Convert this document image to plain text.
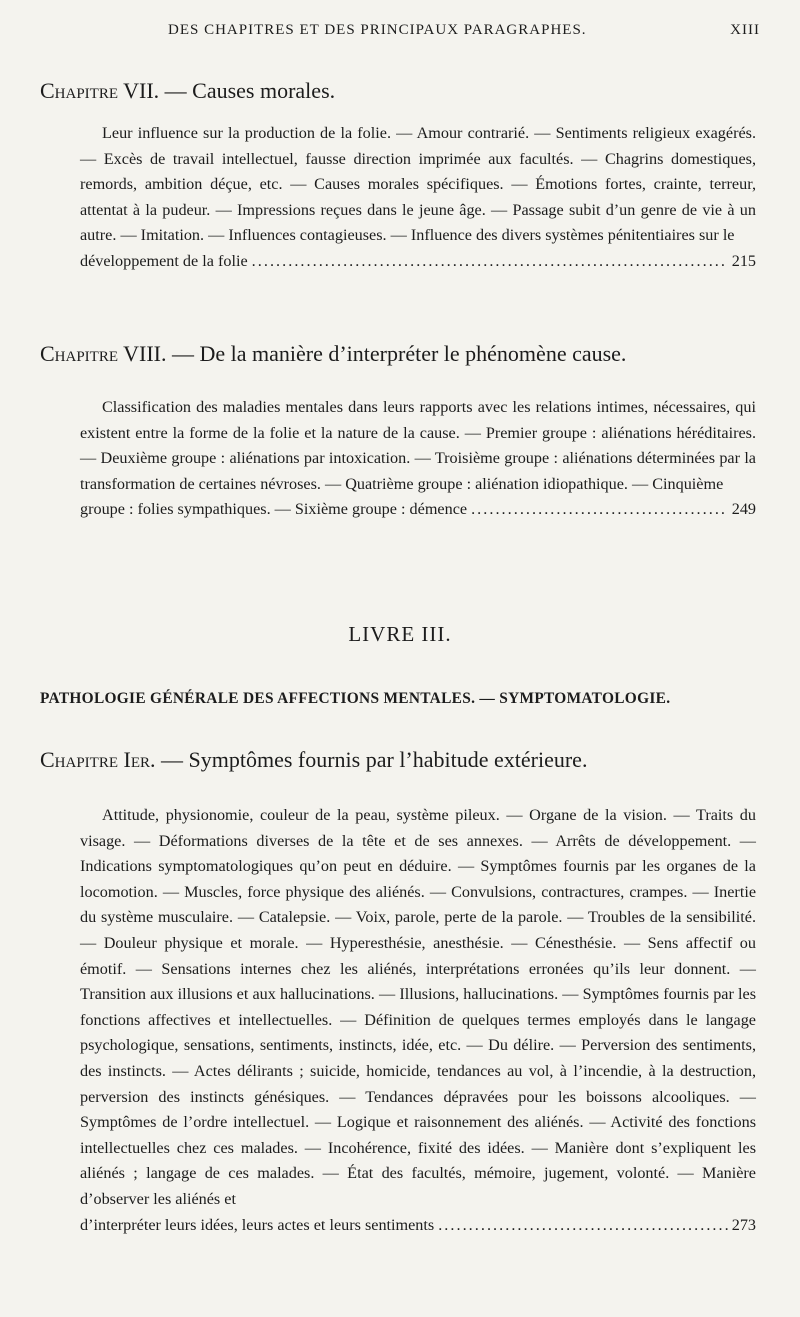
DES CHAPITRES ET DES PRINCIPAUX PARAGRAPHES.	XIII
Chapitre VII. — Causes morales.
Leur influence sur la production de la folie. — Amour contrarié. — Sentiments religieux exagérés. — Excès de travail intellectuel, fausse direction imprimée aux facultés. — Chagrins domestiques, remords, ambition déçue, etc. — Causes morales spécifiques. — Émotions fortes, crainte, terreur, attentat à la pudeur. — Impressions reçues dans le jeune âge. — Passage subit d’un genre de vie à un autre. — Imitation. — Influences contagieuses. — Influence des divers systèmes pénitentiaires sur le
développement de la folie . . .	215
Chapitre VIII. — De la manière d’interpréter le phénomène cause.
Classification des maladies mentales dans leurs rapports avec les relations intimes, nécessaires, qui existent entre la forme de la folie et la nature de la cause. — Premier groupe : aliénations héréditaires. — Deuxième groupe : aliénations par intoxication. — Troisième groupe : aliénations déterminées par la transformation de certaines névroses. — Quatrième groupe : aliénation idiopathique. — Cinquième
groupe : folies sympathiques. — Sixième groupe : démence . . .	249
LIVRE III.
PATHOLOGIE GÉNÉRALE DES AFFECTIONS MENTALES. — SYMPTOMATOLOGIE.
Chapitre Ier. — Symptômes fournis par l’habitude extérieure.
Attitude, physionomie, couleur de la peau, système pileux. — Organe de la vision. — Traits du visage. — Déformations diverses de la tête et de ses annexes. — Arrêts de développement. — Indications symptomatologiques qu’on peut en déduire. — Symptômes fournis par les organes de la locomotion. — Muscles, force physique des aliénés. — Convulsions, contractures, crampes. — Inertie du système musculaire. — Catalepsie. — Voix, parole, perte de la parole. — Troubles de la sensibilité. — Douleur physique et morale. — Hyperesthésie, anesthésie. — Cénesthésie. — Sens affectif ou émotif. — Sensations internes chez les aliénés, interprétations erronées qu’ils leur donnent. — Transition aux illusions et aux hallucinations. — Illusions, hallucinations. — Symptômes fournis par les fonctions affectives et intellectuelles. — Définition de quelques termes employés dans le langage psychologique, sensations, sentiments, instincts, idée, etc. — Du délire. — Perversion des sentiments, des instincts. — Actes délirants ; suicide, homicide, tendances au vol, à l’incendie, à la destruction, perversion des instincts génésiques. — Tendances dépravées pour les boissons alcooliques. — Symptômes de l’ordre intellectuel. — Logique et raisonnement des aliénés. — Activité des fonctions intellectuelles chez ces malades. — Incohérence, fixité des idées. — Manière dont s’expliquent les aliénés ; langage de ces malades. — État des facultés, mémoire, jugement, volonté. — Manière d’observer les aliénés et
d’interpréter leurs idées, leurs actes et leurs sentiments . . .	273
